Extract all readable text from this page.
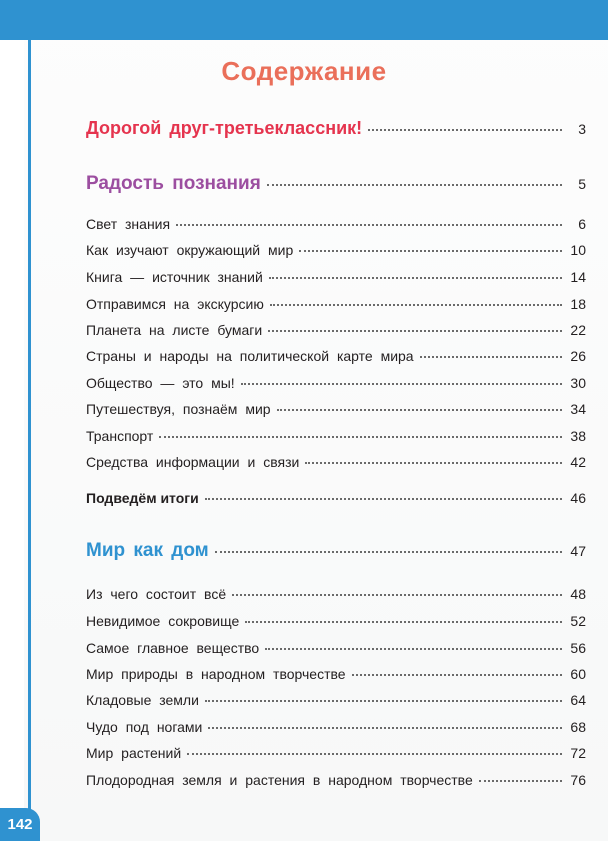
Содержание
Дорогой друг-третьеклассник!	3
Радость познания	5
Свет знания	6
Как изучают окружающий мир	10
Книга — источник знаний	14
Отправимся на экскурсию	18
Планета на листе бумаги	22
Страны и народы на политической карте мира	26
Общество — это мы!	30
Путешествуя, познаём мир	34
Транспорт	38
Средства информации и связи	42
Подведём итоги	46
Мир как дом	47
Из чего состоит всё	48
Невидимое сокровище	52
Самое главное вещество	56
Мир природы в народном творчестве	60
Кладовые земли	64
Чудо под ногами	68
Мир растений	72
Плодородная земля и растения в народном творчестве	76
142
